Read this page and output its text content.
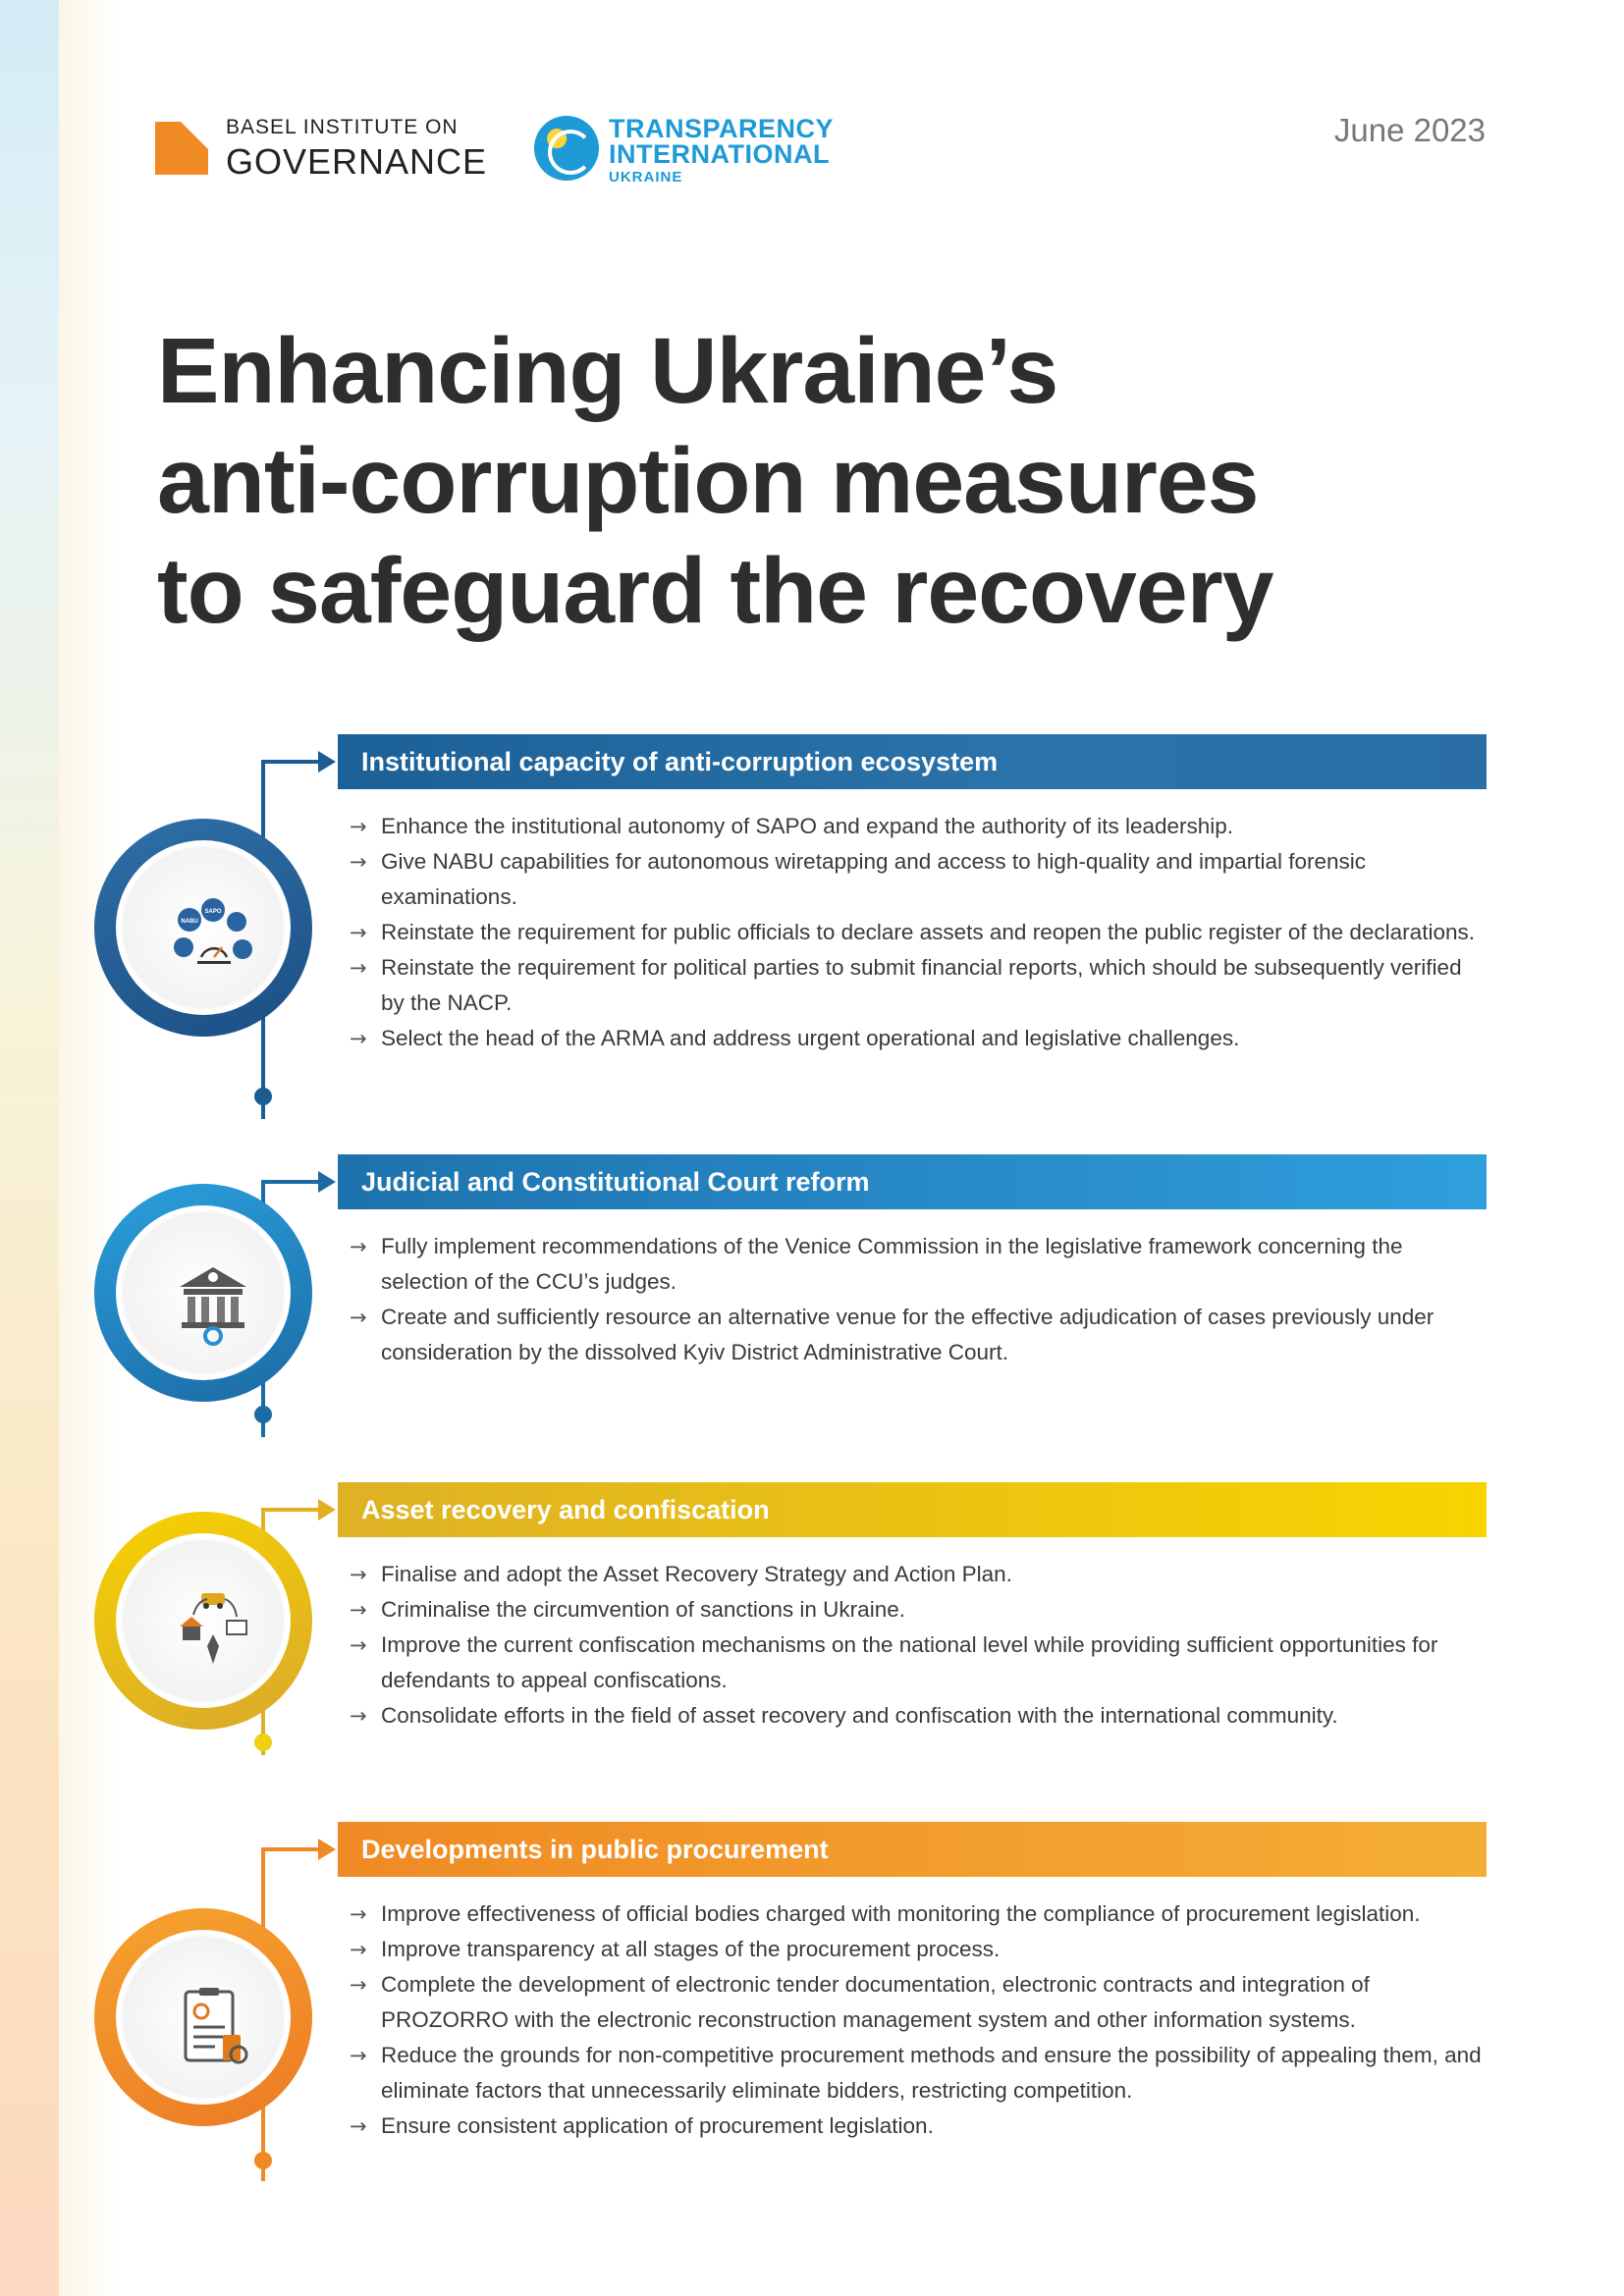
BASEL INSTITUTE ON
GOVERNANCE
TRANSPARENCY
INTERNATIONAL
UKRAINE
June 2023
Enhancing Ukraine’s
anti-corruption measures
to safeguard the recovery
NABU
SAPO
Institutional capacity of anti-corruption ecosystem
→ Enhance the institutional autonomy of SAPO and expand the authority of its leadership.
→ Give NABU capabilities for autonomous wiretapping and access to high-quality and impartial forensic examinations.
→ Reinstate the requirement for public officials to declare assets and reopen the public register of the declarations.
→ Reinstate the requirement for political parties to submit financial reports, which should be subsequently verified by the NACP.
→ Select the head of the ARMA and address urgent operational and legislative challenges.
Judicial and Constitutional Court reform
→ Fully implement recommendations of the Venice Commission in the legislative framework concerning the selection of the CCU’s judges.
→ Create and sufficiently resource an alternative venue for the effective adjudication of cases previously under consideration by the dissolved Kyiv District Administrative Court.
Asset recovery and confiscation
→ Finalise and adopt the Asset Recovery Strategy and Action Plan.
→ Criminalise the circumvention of sanctions in Ukraine.
→ Improve the current confiscation mechanisms on the national level while providing sufficient opportunities for defendants to appeal confiscations.
→ Consolidate efforts in the field of asset recovery and confiscation with the international community.
Developments in public procurement
→ Improve effectiveness of official bodies charged with monitoring the compliance of procurement legislation.
→ Improve transparency at all stages of the procurement process.
→ Complete the development of electronic tender documentation, electronic contracts and integration of PROZORRO with the electronic reconstruction management system and other information systems.
→ Reduce the grounds for non-competitive procurement methods and ensure the possibility of appealing them, and eliminate factors that unnecessarily eliminate bidders, restricting competition.
→ Ensure consistent application of procurement legislation.
